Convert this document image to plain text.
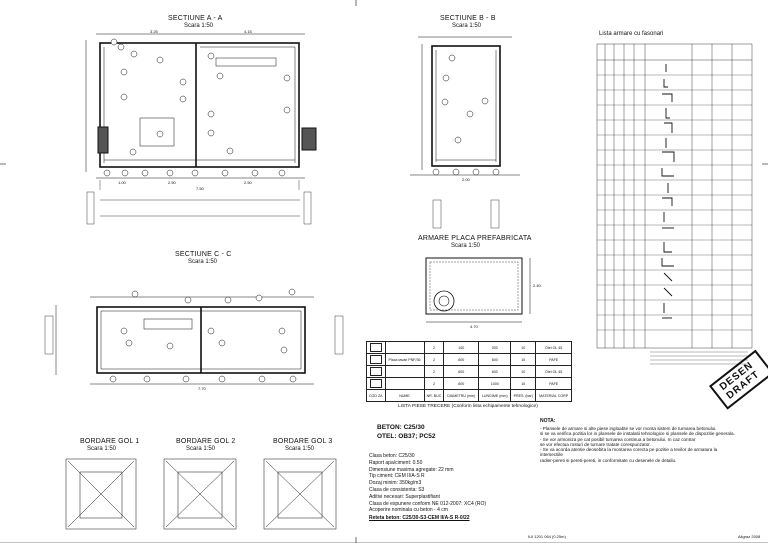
SECTIUNE A - A
Scara 1:50
SECTIUNE B - B
Scara 1:50
SECTIUNE C - C
Scara 1:50
ARMARE PLACA PREFABRICATA
Scara 1:50
BORDARE GOL 1
Scara 1:50
BORDARE GOL 2
Scara 1:50
BORDARE GOL 3
Scara 1:50
3.25	4.15
1.00	2.50	2.50
7.50
2.00
7.70
4.70
2.40
Lista armare cu fasonari
		2	100	300	10	Otel OL 45
	Placa tavan PNF/36	2	600	600	15	PAFE
		2	600	600	10	Otel OL 45
		2	600	1000	15	PAFE
COD ZA	NUME	NR. BUC	DIAMETRU (mm)	LUNGIME (mm)	PRES. (bar)	MATERIAL CORP
LISTA PIESE TRECERE (Conform lista echipamente tehnologice)
BETON: C25/30
OTEL: OB37; PC52
Clasa beton: C25/30
Raport apa/ciment: 0.50
Dimensiune maxima agregate: 22 mm
Tip ciment: CEM II/A-S R
Dozaj minim: 350kg/m3
Clasa de consistenta: S3
Aditivi necesari: Superplastifiant
Clasa de expunere conform NE 012-2007: XC4 (RO)
Acoperire nominala cu beton - 4 cm
Reteta beton: C25/30-S3-CEM II/A-S R-0/22
NOTA:
- Plansele de armare si alte piese ingloabte se vor monta sistem de turnarea betonului.
si se va verifica pozitia lor in plansele de instalatii tehnologice si plansele de dispozitie generala.
- Se vor armoniza pe cat posibil turnarea continua a betonului. In caz contrar
se vor efectua rosturi de turnare tratate corespunzator.
- Se va acorda atentie deosebita la montarea corecta pe pozitie a tevilor de armatura la intersectiile
radier-pereti si pereti-pereti, in conformitate cu desenele de detaliu.
DESEN DRAFT
IUI 1201 064 (0.25m)	Aligraz 2008
